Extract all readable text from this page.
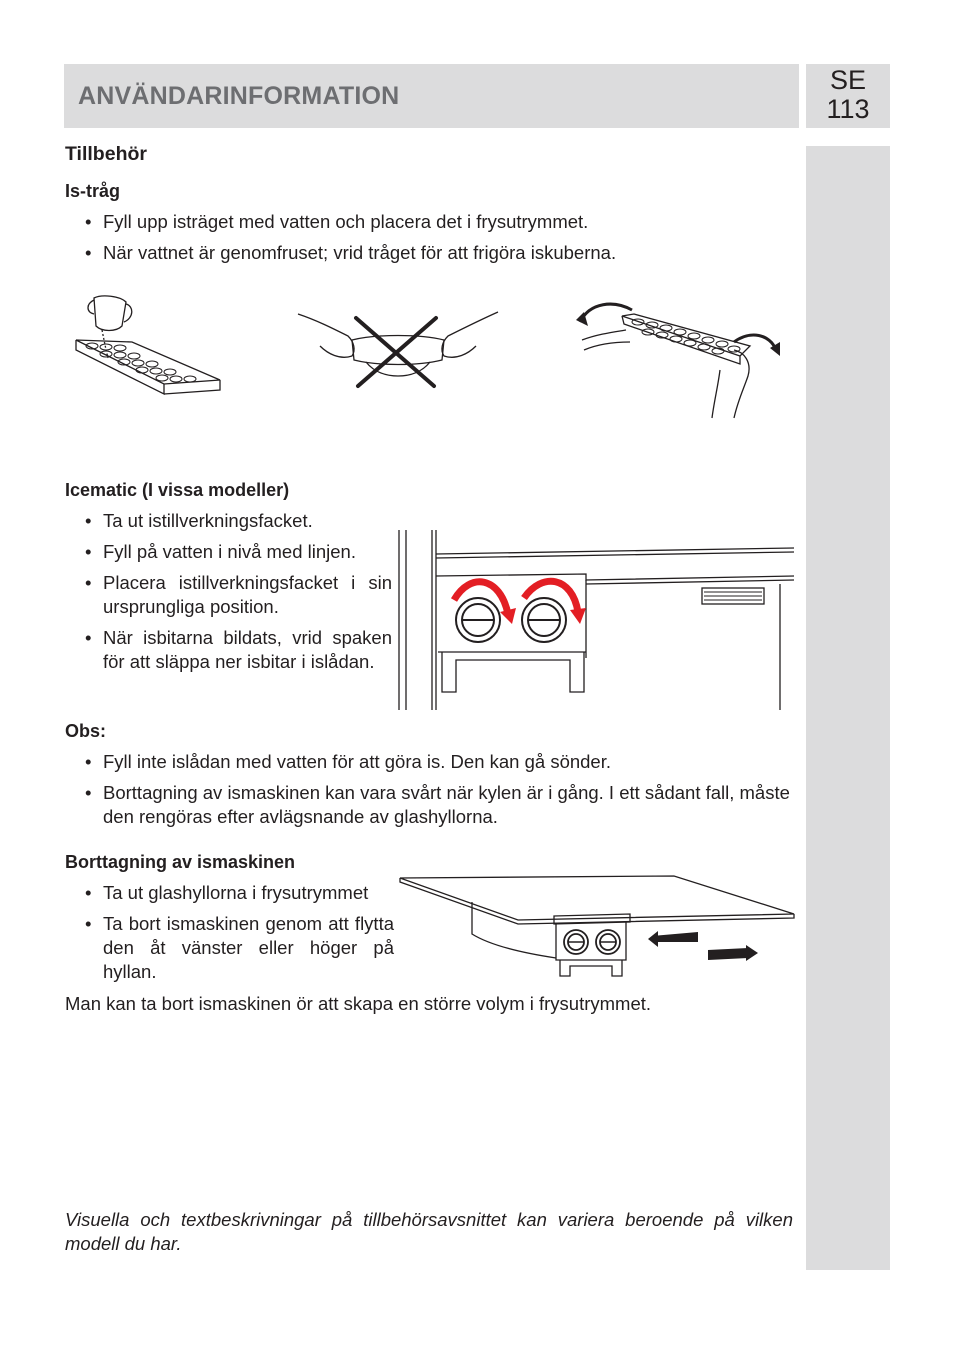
ANVÄNDARINFORMATION
SE
113
Tillbehör
Is-tråg
• Fyll upp isträget med vatten och placera det i frysutrymmet.
• När vattnet är genomfruset; vrid tråget för att frigöra iskuberna.
Icematic (I vissa modeller)
• Ta ut istillverkningsfacket.
• Fyll på vatten i nivå med linjen.
• Placera istillverkningsfacket i sin ursprungliga position.
• När isbitarna bildats, vrid spaken för att släppa ner isbitar i islådan.
Obs:
• Fyll inte islådan med vatten för att göra is. Den kan gå sönder.
• Borttagning av ismaskinen kan vara svårt när kylen är i gång. I ett sådant fall, måste den rengöras efter avlägsnande av glashyllorna.
Borttagning av ismaskinen
• Ta ut glashyllorna i frysutrymmet
• Ta bort ismaskinen genom att flytta den åt vänster eller höger på hyllan.
Man kan ta bort ismaskinen ör att skapa en större volym i frysutrymmet.
Visuella och textbeskrivningar på tillbehörsavsnittet kan variera beroende på vilken modell du har.
